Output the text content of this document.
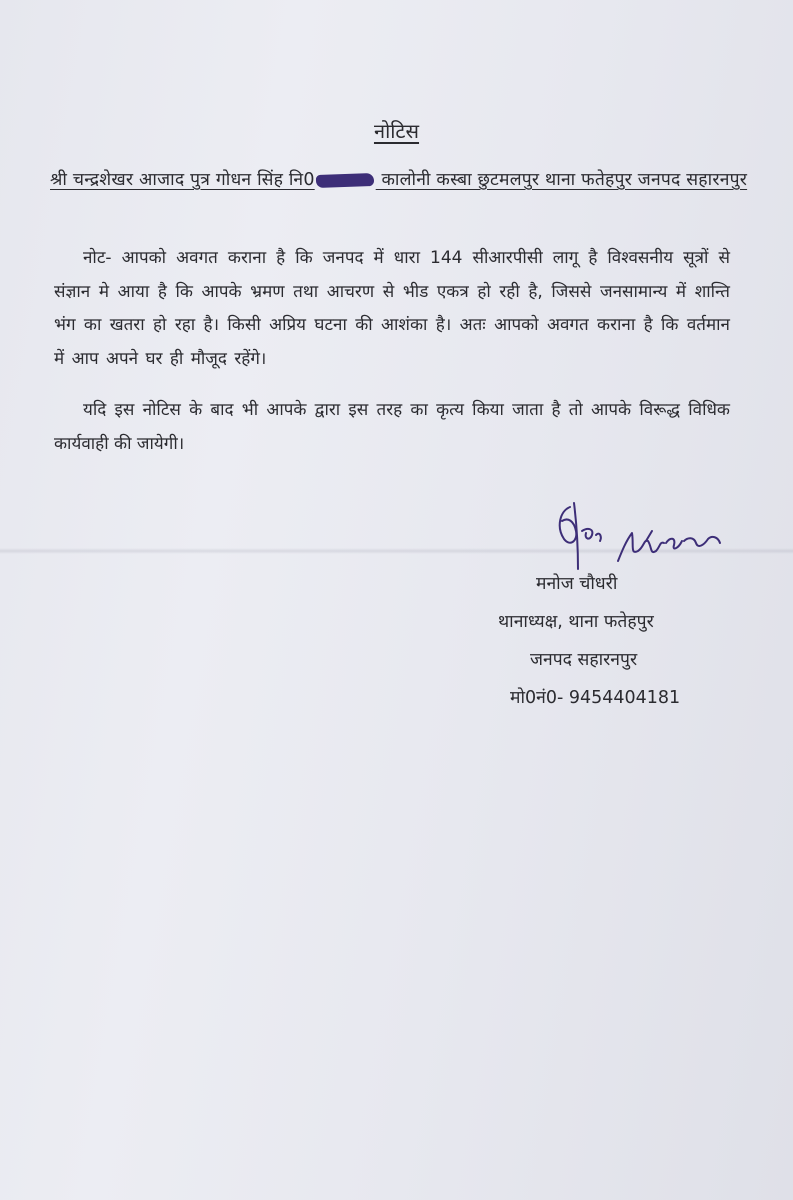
नोटिस
श्री चन्द्रशेखर आजाद पुत्र गोधन सिंह नि0	कालोनी कस्बा छुटमलपुर थाना फतेहपुर जनपद सहारनपुर
नोट- आपको अवगत कराना है कि जनपद में धारा 144 सीआरपीसी लागू है विश्वसनीय सूत्रों से संज्ञान मे आया है कि आपके भ्रमण तथा आचरण से भीड एकत्र हो रही है, जिससे जनसामान्य में शान्ति भंग का खतरा हो रहा है। किसी अप्रिय घटना की आशंका है। अतः आपको अवगत कराना है कि वर्तमान में आप अपने घर ही मौजूद रहेंगे।
यदि इस नोटिस के बाद भी आपके द्वारा इस तरह का कृत्य किया जाता है तो आपके विरूद्ध विधिक कार्यवाही की जायेगी।
मनोज चौधरी
थानाध्यक्ष, थाना फतेहपुर
जनपद सहारनपुर
मो0नं0- 9454404181
